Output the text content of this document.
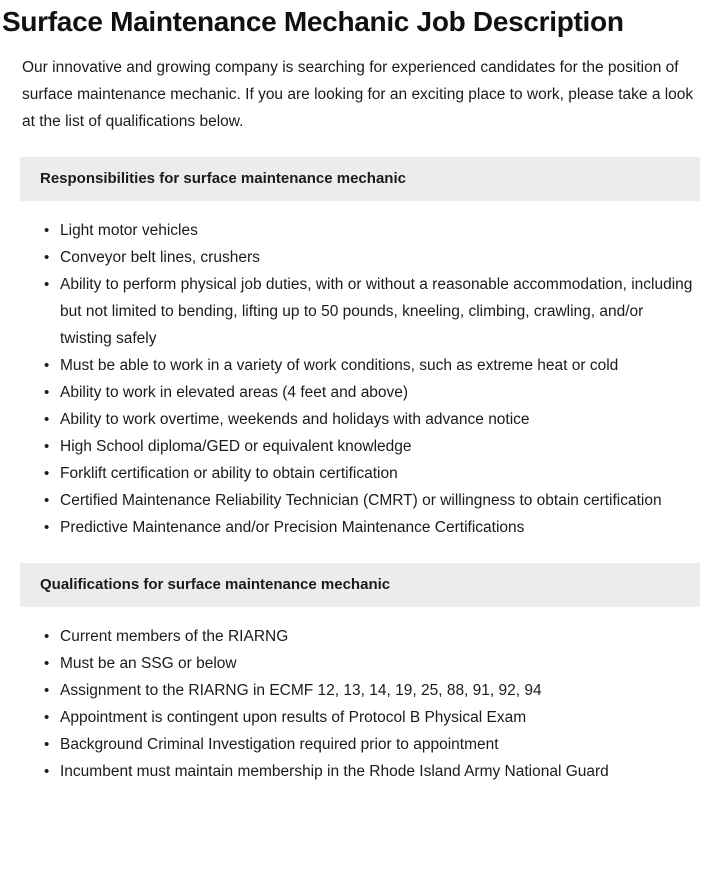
Surface Maintenance Mechanic Job Description

Our innovative and growing company is searching for experienced candidates for the position of surface maintenance mechanic. If you are looking for an exciting place to work, please take a look at the list of qualifications below.

Responsibilities for surface maintenance mechanic
• Light motor vehicles
• Conveyor belt lines, crushers
• Ability to perform physical job duties, with or without a reasonable accommodation, including but not limited to bending, lifting up to 50 pounds, kneeling, climbing, crawling, and/or twisting safely
• Must be able to work in a variety of work conditions, such as extreme heat or cold
• Ability to work in elevated areas (4 feet and above)
• Ability to work overtime, weekends and holidays with advance notice
• High School diploma/GED or equivalent knowledge
• Forklift certification or ability to obtain certification
• Certified Maintenance Reliability Technician (CMRT) or willingness to obtain certification
• Predictive Maintenance and/or Precision Maintenance Certifications
Qualifications for surface maintenance mechanic
• Current members of the RIARNG
• Must be an SSG or below
• Assignment to the RIARNG in ECMF 12, 13, 14, 19, 25, 88, 91, 92, 94
• Appointment is contingent upon results of Protocol B Physical Exam
• Background Criminal Investigation required prior to appointment
• Incumbent must maintain membership in the Rhode Island Army National Guard
